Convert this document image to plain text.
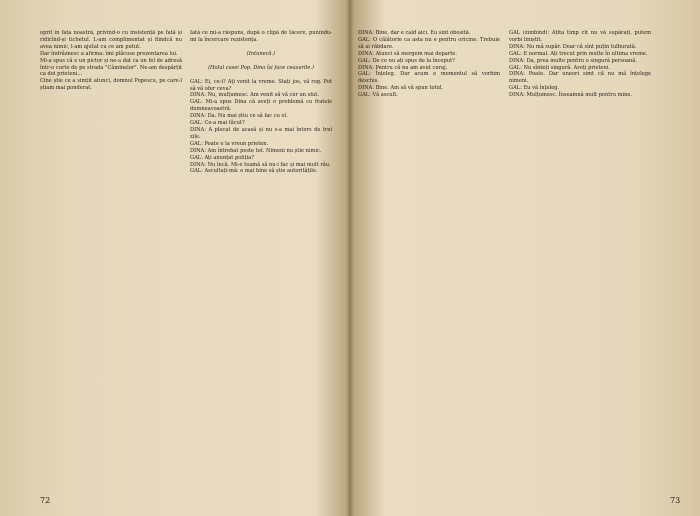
oprit în fața noastră, privind-o cu insistență pe fată și ridicînd-și tichetul. L-am complimentat și fiindcă nu avea nimic, l-am ajutat cu ce am putut.

Dar îndrăznesc a afirma: îmi plăcuse prezentarea lui.

Mi-a spus că e un pictor și ne-a dat ca un fel de adresă într-o curte de pe strada "Căminelor". Ne-am despărțit ca doi prieteni...

Cine știe ce a simțit atunci, domnul Popescu, pe care-l știam mai ponderat.

Iată ce mi-a răspuns, după o clipă de tăcere, punîndu-mi la încercare rezistența.

(Intunecă.)

(Holul casei Pop. Dina își face ceasurile.)

GAL: Ei, ce-i? Ați venit la vreme. Stați jos, vă rog. Pot să vă ofer ceva?

DINA: Nu, mulțumesc. Am venit să vă cer un sfat.

GAL: Mi-a spus Dina că aveți o problemă cu fratele dumneavoastră.

DINA: Da. Nu mai știu ce să fac cu el.

GAL: Ce-a mai făcut?

DINA: A plecat de acasă și nu s-a mai întors de trei zile.

GAL: Poate e la vreun prieten.

DINA: Am întrebat peste tot. Nimeni nu știe nimic.

GAL: Ați anunțat poliția?

DINA: Nu încă. Mi-e teamă să nu-i fac și mai mult rău.

GAL: Ascultați-mă: e mai bine să știe autoritățile.

72

DINA: Bine, dar e cald aici. Eu sînt obosită.

GAL: O călătorie ca asta nu e pentru oricine. Trebuie să ai răbdare.

DINA: Atunci să mergem mai departe.

GAL: De ce nu ați spus de la început?

DINA: Pentru că nu am avut curaj.

GAL: Înțeleg. Dar acum e momentul să vorbim deschis.

DINA: Bine. Am să vă spun totul.

GAL: Vă ascult.

GAL (zîmbind): Atîta timp cît nu vă supărați, putem vorbi liniștit.

DINA: Nu mă supăr. Doar că sînt puțin tulburată.

GAL: E normal. Ați trecut prin multe în ultima vreme.

DINA: Da, prea multe pentru o singură persoană.

GAL: Nu sînteți singură. Aveți prieteni.

DINA: Poate. Dar uneori simt că nu mă înțelege nimeni.

GAL: Eu vă înțeleg.

DINA: Mulțumesc. Înseamnă mult pentru mine.

73
